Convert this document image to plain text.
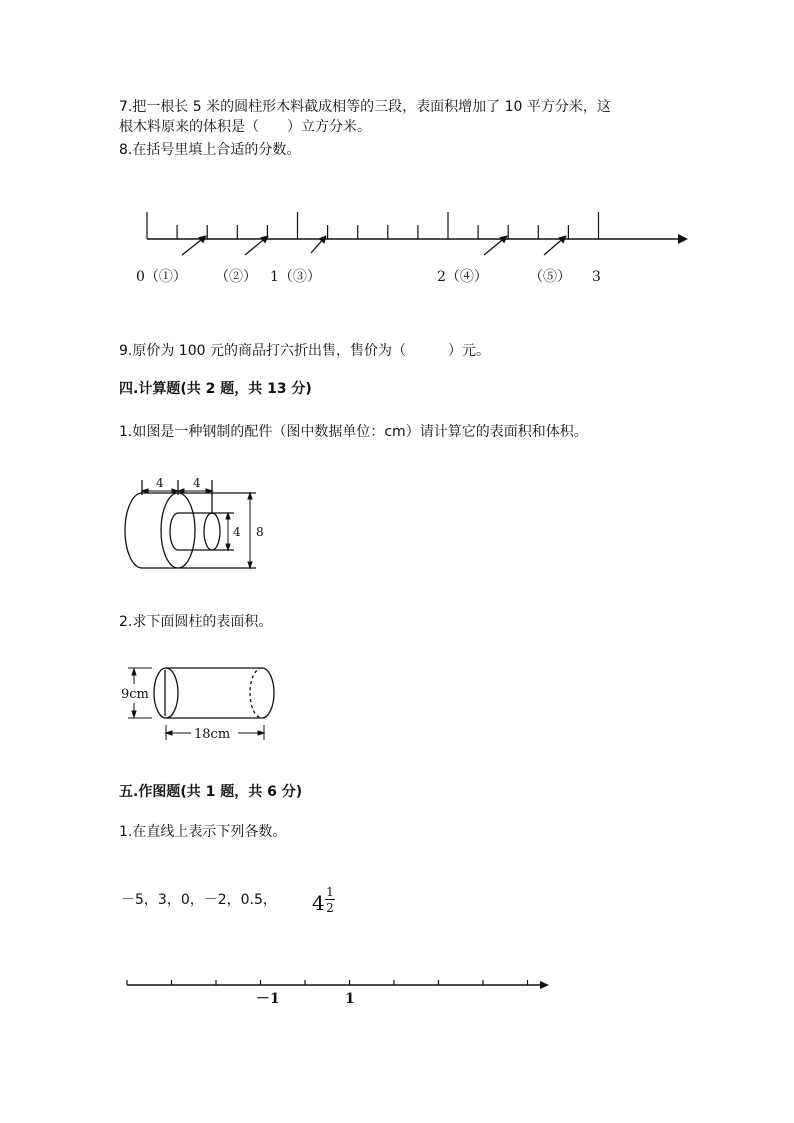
7.把一根长 5 米的圆柱形木料截成相等的三段，表面积增加了 10 平方分米，这
根木料原来的体积是（　　）立方分米。
8.在括号里填上合适的分数。
0（①） （②） 1（③）	2（④）	（⑤） 3
9.原价为 100 元的商品打六折出售，售价为（　　　）元。
四.计算题(共 2 题，共 13 分)
1.如图是一种钢制的配件（图中数据单位：cm）请计算它的表面积和体积。
4 4
4 8
2.求下面圆柱的表面积。
9cm
18cm
五.作图题(共 1 题，共 6 分)
1.在直线上表示下列各数。
－5，3，0，－2，0.5， 4 1
2
－1	1
